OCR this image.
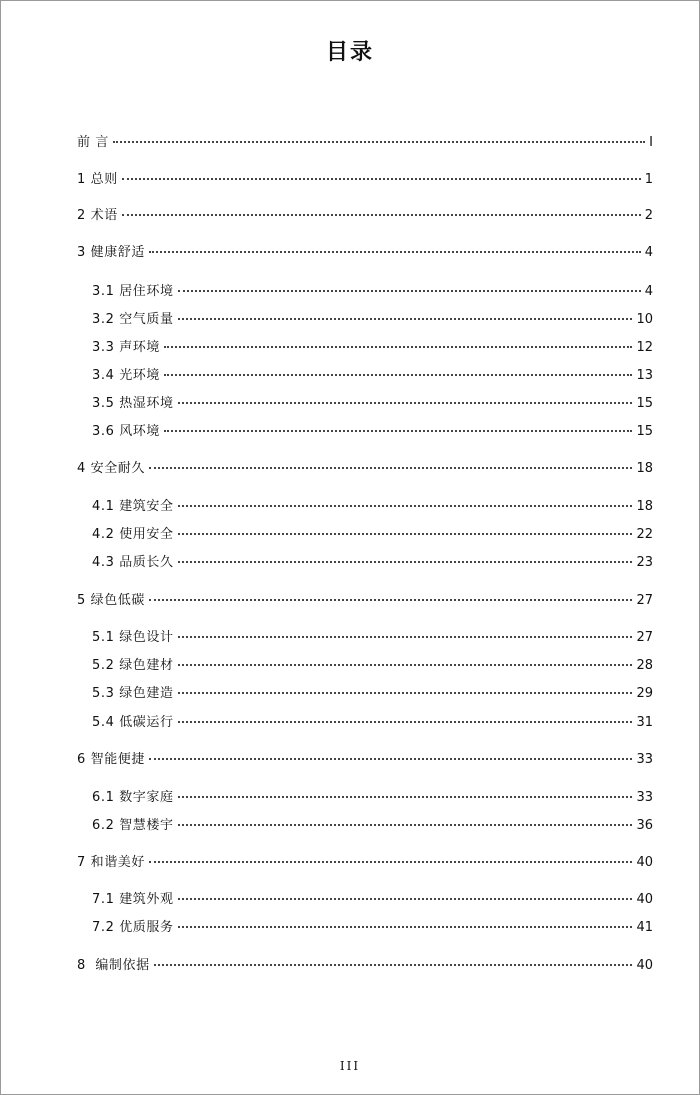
目录
前 言	I
1 总则	1
2 术语	2
3 健康舒适	4
3.1 居住环境	4
3.2 空气质量	10
3.3 声环境	12
3.4 光环境	13
3.5 热湿环境	15
3.6 风环境	15
4 安全耐久	18
4.1 建筑安全	18
4.2 使用安全	22
4.3 品质长久	23
5 绿色低碳	27
5.1 绿色设计	27
5.2 绿色建材	28
5.3 绿色建造	29
5.4 低碳运行	31
6 智能便捷	33
6.1 数字家庭	33
6.2 智慧楼宇	36
7 和谐美好	40
7.1 建筑外观	40
7.2 优质服务	41
8  编制依据	40
III
